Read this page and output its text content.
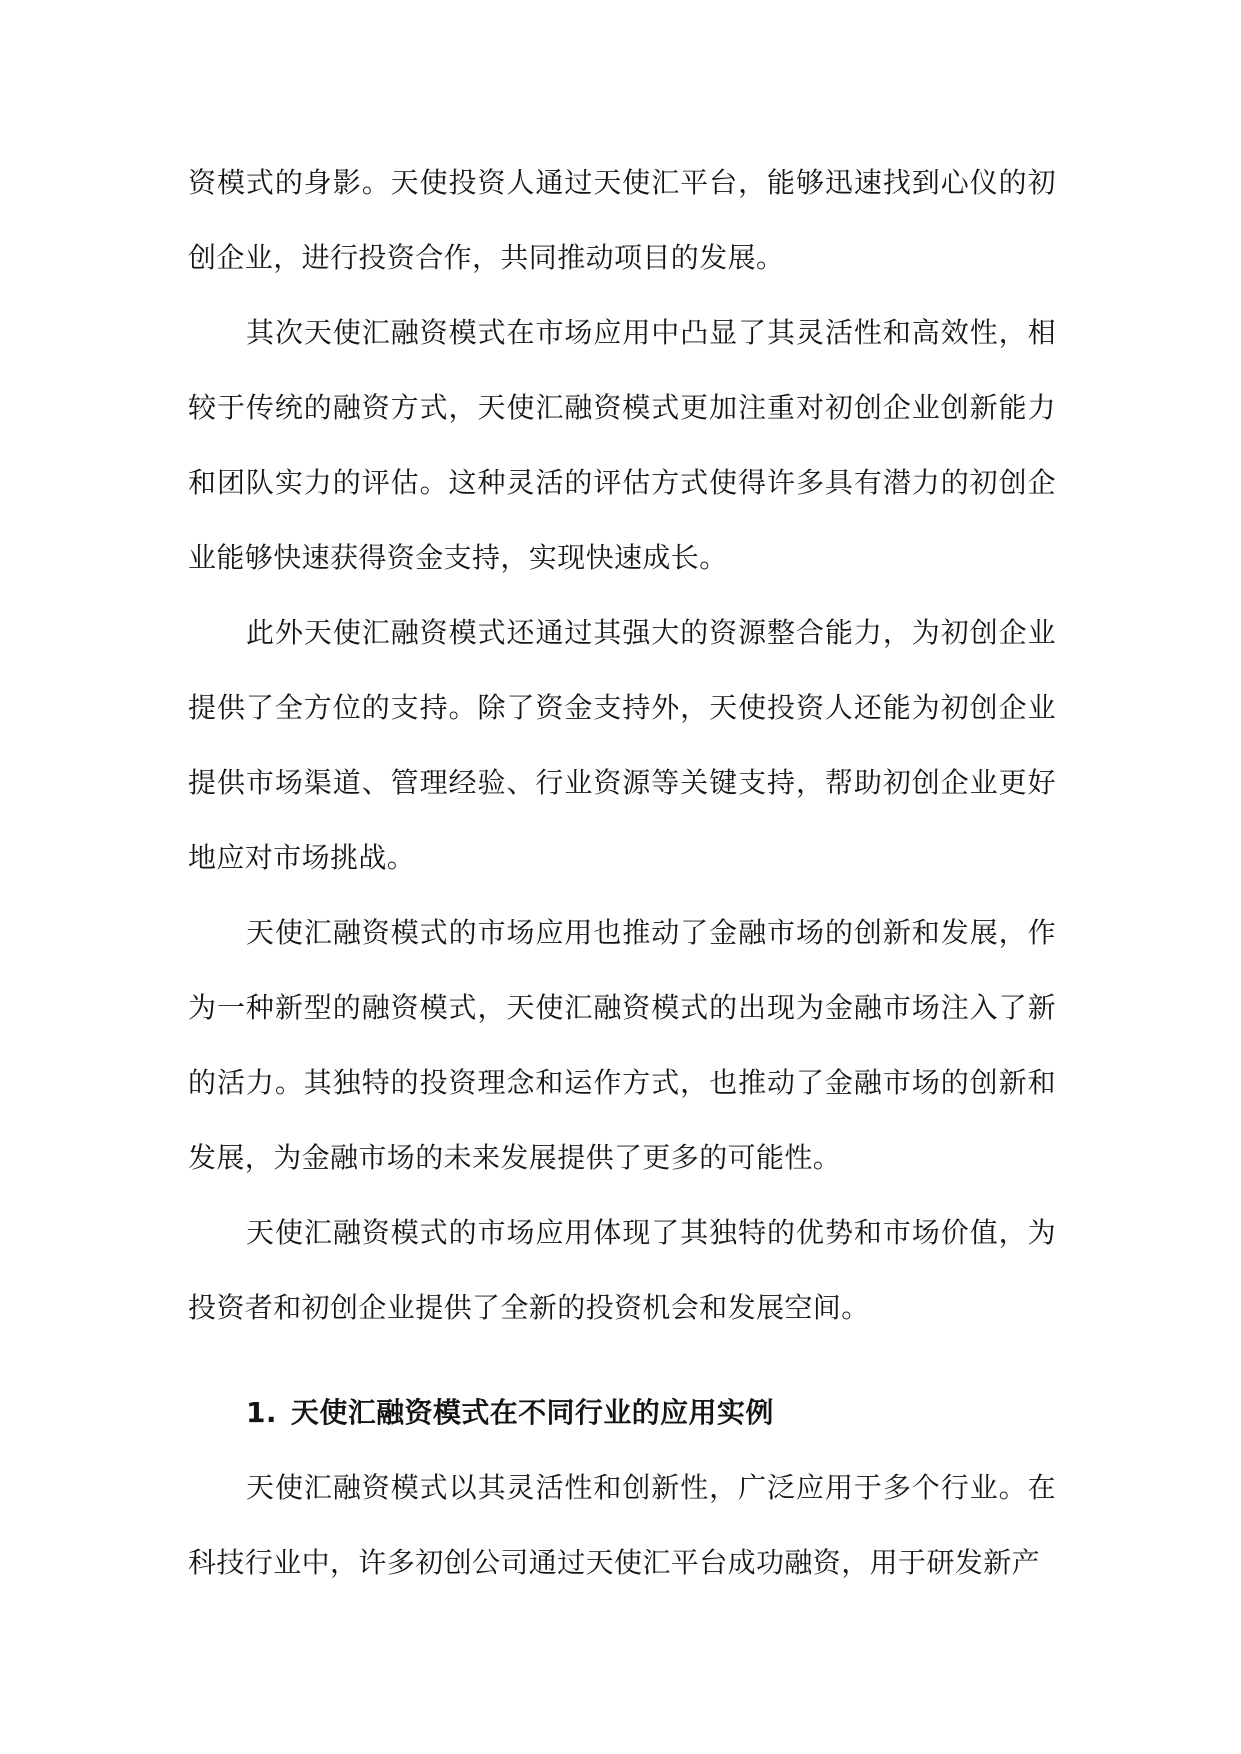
资模式的身影。天使投资人通过天使汇平台，能够迅速找到心仪的初创企业，进行投资合作，共同推动项目的发展。

其次天使汇融资模式在市场应用中凸显了其灵活性和高效性，相较于传统的融资方式，天使汇融资模式更加注重对初创企业创新能力和团队实力的评估。这种灵活的评估方式使得许多具有潜力的初创企业能够快速获得资金支持，实现快速成长。

此外天使汇融资模式还通过其强大的资源整合能力，为初创企业提供了全方位的支持。除了资金支持外，天使投资人还能为初创企业提供市场渠道、管理经验、行业资源等关键支持，帮助初创企业更好地应对市场挑战。

天使汇融资模式的市场应用也推动了金融市场的创新和发展，作为一种新型的融资模式，天使汇融资模式的出现为金融市场注入了新的活力。其独特的投资理念和运作方式，也推动了金融市场的创新和发展，为金融市场的未来发展提供了更多的可能性。

天使汇融资模式的市场应用体现了其独特的优势和市场价值，为投资者和初创企业提供了全新的投资机会和发展空间。

1. 天使汇融资模式在不同行业的应用实例

天使汇融资模式以其灵活性和创新性，广泛应用于多个行业。在科技行业中，许多初创公司通过天使汇平台成功融资，用于研发新产
